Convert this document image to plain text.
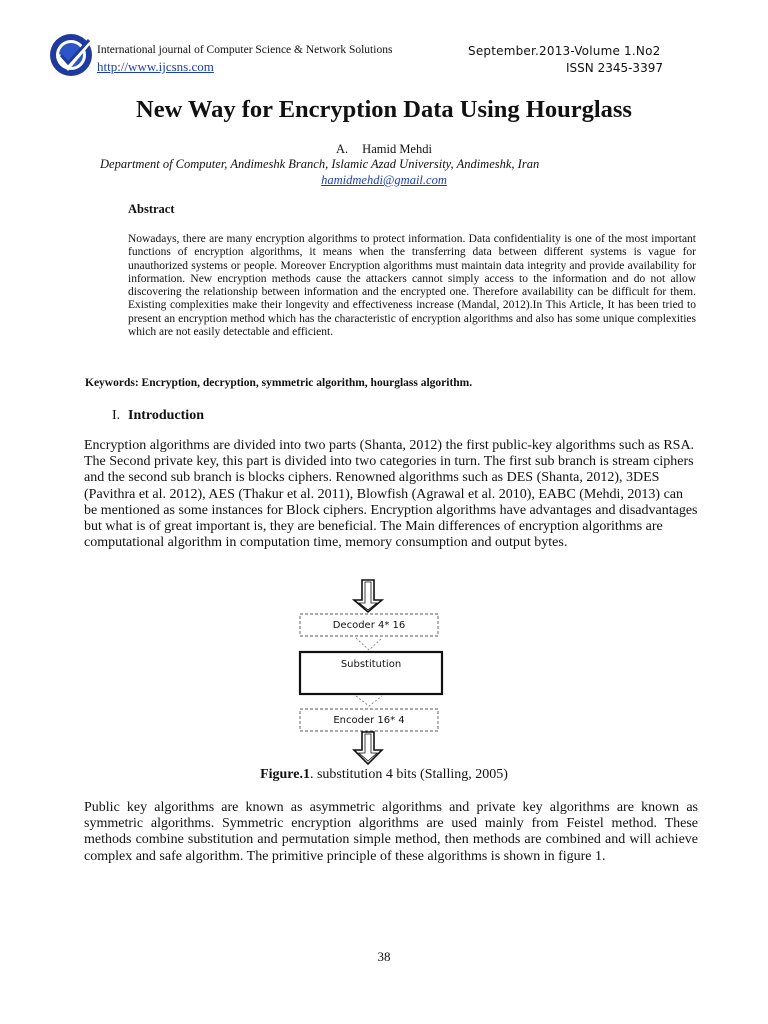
International journal of Computer Science & Network Solutions
http://www.ijcsns.com
September.2013-Volume 1.No2
ISSN 2345-3397
New Way for Encryption Data Using Hourglass
A. Hamid Mehdi
Department of Computer, Andimeshk Branch, Islamic Azad University, Andimeshk, Iran
hamidmehdi@gmail.com
Abstract
Nowadays, there are many encryption algorithms to protect information. Data confidentiality is one of the most important functions of encryption algorithms, it means when the transferring data between different systems is vague for unauthorized systems or people. Moreover Encryption algorithms must maintain data integrity and provide availability for information. New encryption methods cause the attackers cannot simply access to the information and do not allow discovering the relationship between information and the encrypted one. Therefore availability can be difficult for them. Existing complexities make their longevity and effectiveness increase (Mandal, 2012).In This Article, It has been tried to present an encryption method which has the characteristic of encryption algorithms and also has some unique complexities which are not easily detectable and efficient.
Keywords: Encryption, decryption, symmetric algorithm, hourglass algorithm.
I. Introduction
Encryption algorithms are divided into two parts (Shanta, 2012) the first public-key algorithms such as RSA. The Second private key, this part is divided into two categories in turn. The first sub branch is stream ciphers and the second sub branch is blocks ciphers. Renowned algorithms such as DES (Shanta, 2012), 3DES (Pavithra et al. 2012), AES (Thakur et al. 2011), Blowfish (Agrawal et al. 2010), EABC (Mehdi, 2013) can be mentioned as some instances for Block ciphers. Encryption algorithms have advantages and disadvantages but what is of great important is, they are beneficial. The Main differences of encryption algorithms are computational algorithm in computation time, memory consumption and output bytes.
Decoder 4* 16
Substitution
Encoder 16* 4
Figure.1. substitution 4 bits (Stalling, 2005)
Public key algorithms are known as asymmetric algorithms and private key algorithms are known as symmetric algorithms. Symmetric encryption algorithms are used mainly from Feistel method. These methods combine substitution and permutation simple method, then methods are combined and will achieve complex and safe algorithm. The primitive principle of these algorithms is shown in figure 1.
38
